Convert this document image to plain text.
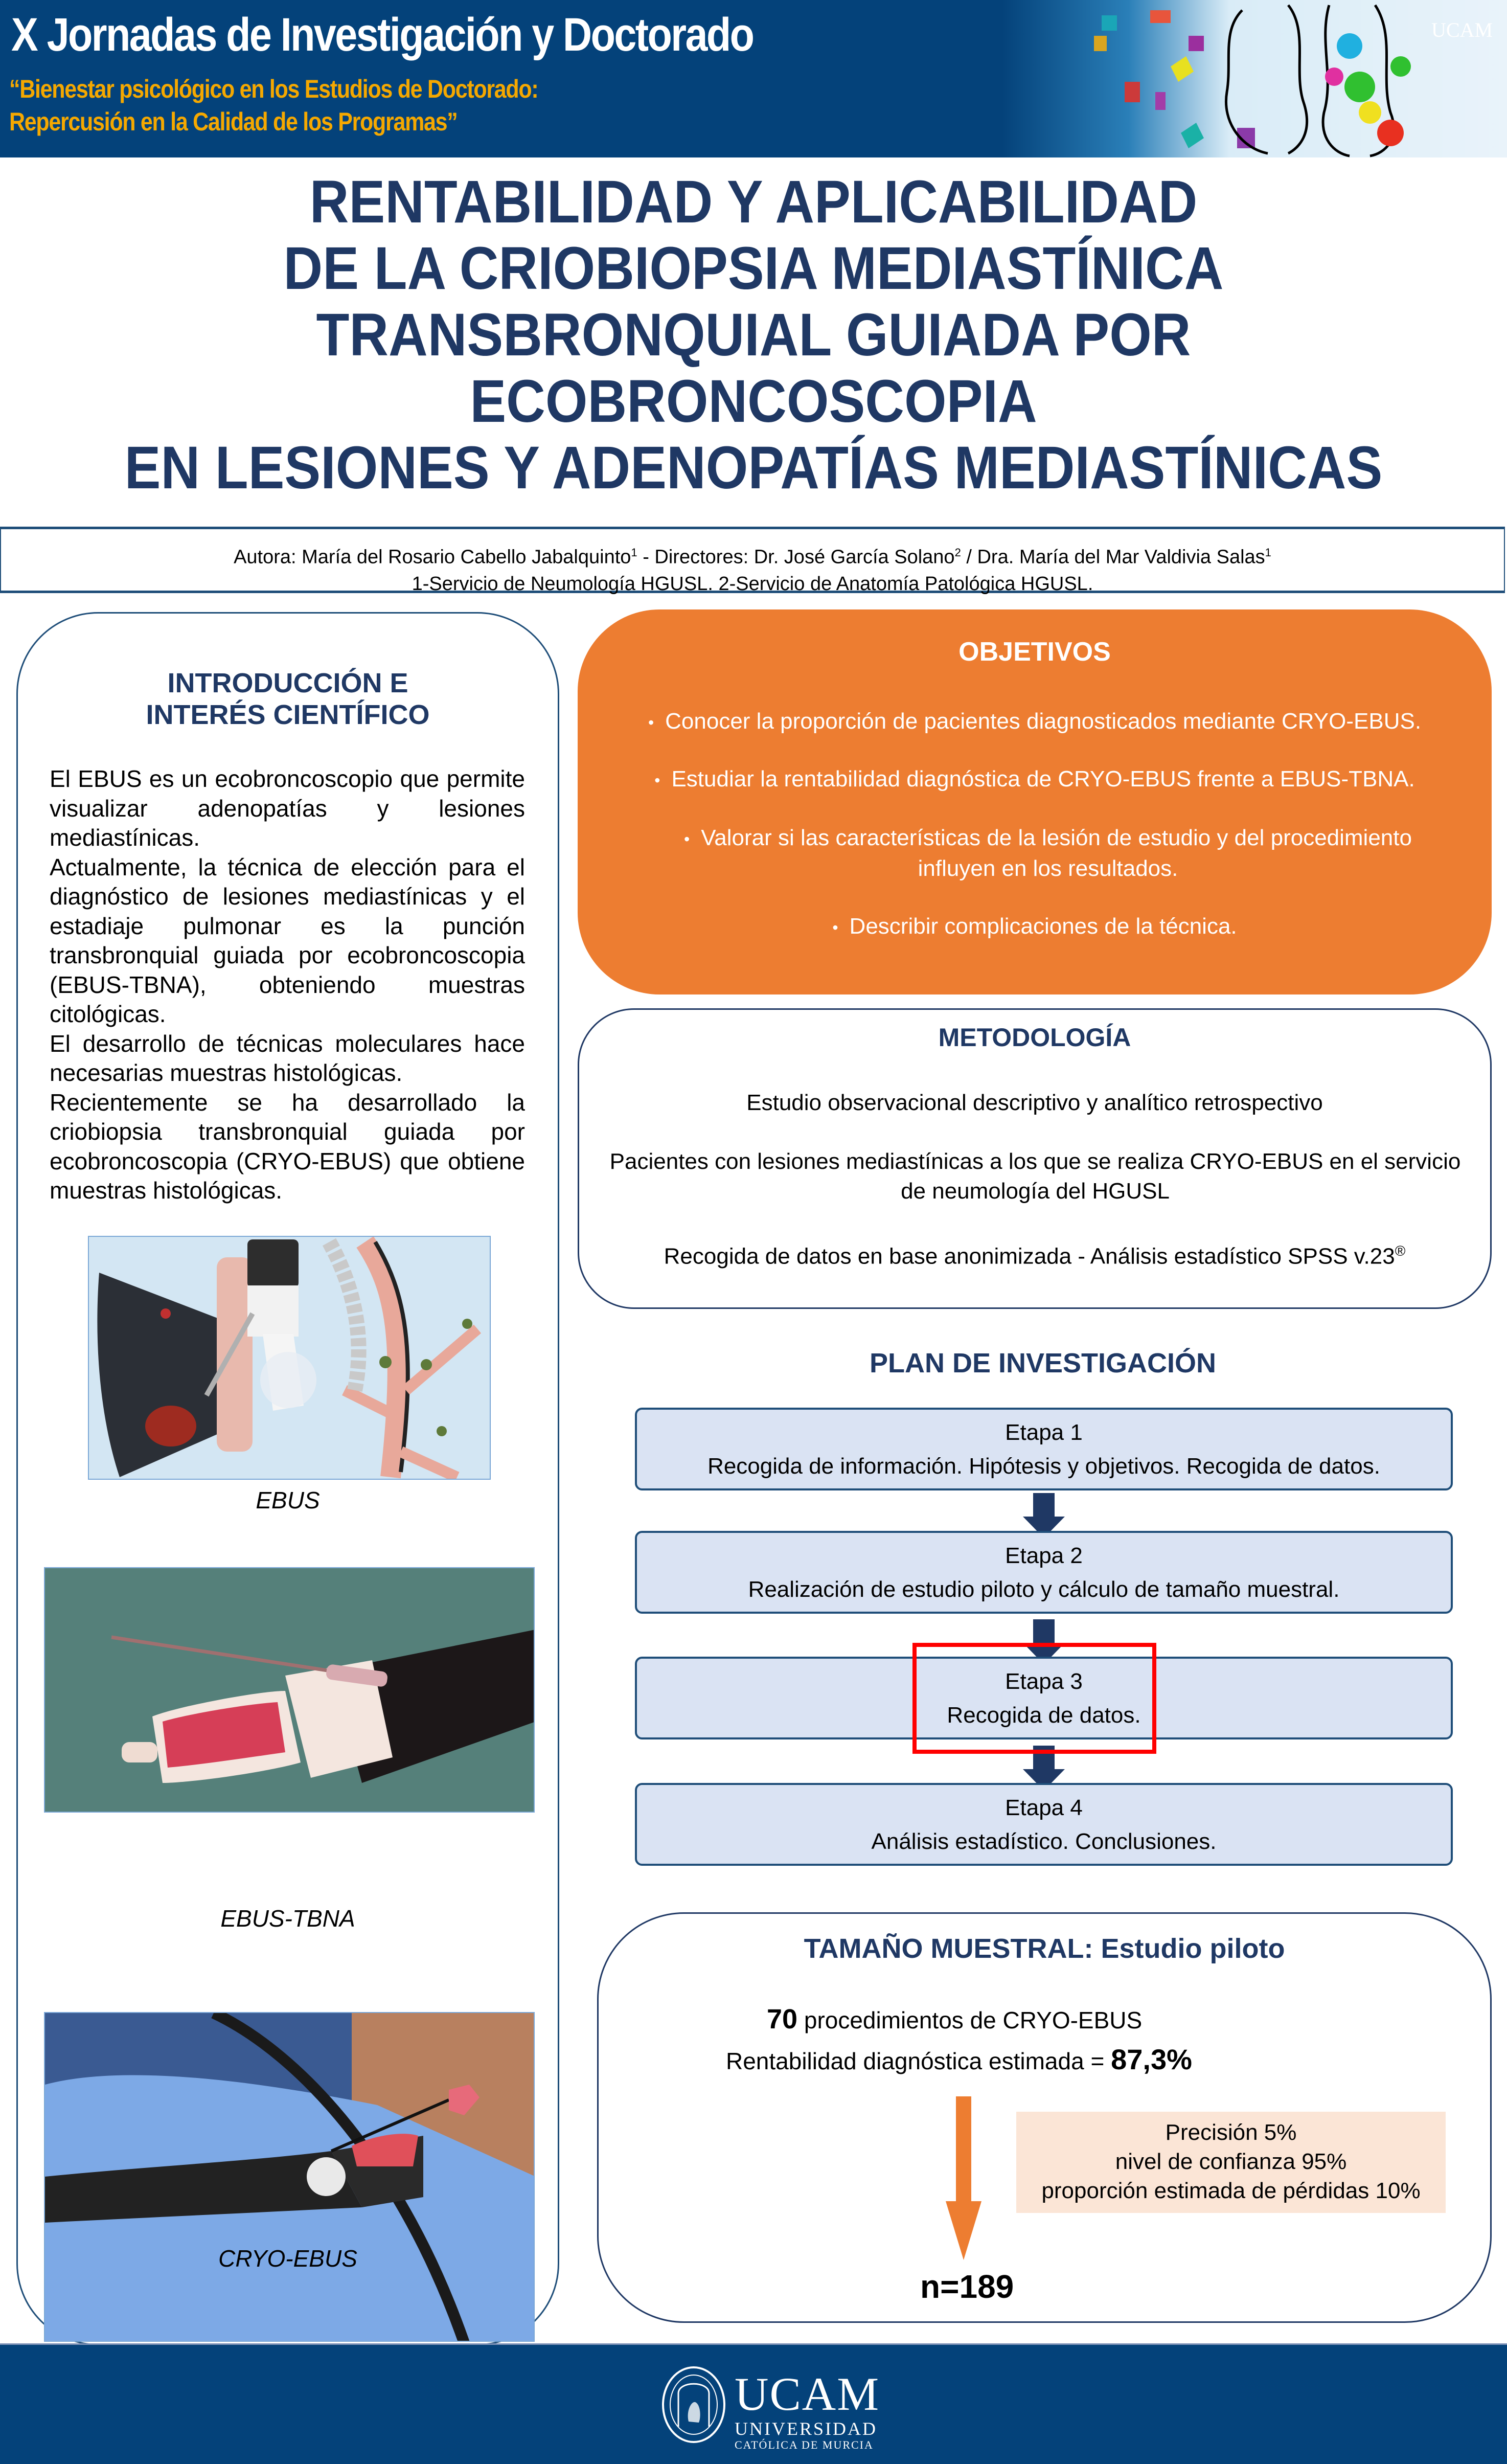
X Jornadas de Investigación y Doctorado
“Bienestar psicológico en los Estudios de Doctorado:
Repercusión en la Calidad de los Programas”
UCAM
RENTABILIDAD Y APLICABILIDAD
DE LA CRIOBIOPSIA MEDIASTÍNICA
TRANSBRONQUIAL GUIADA POR
ECOBRONCOSCOPIA
EN LESIONES Y ADENOPATÍAS MEDIASTÍNICAS
Autora: María del Rosario Cabello Jabalquinto$^1$ - Directores: Dr. José García Solano$^2$ / Dra. María del Mar Valdivia Salas$^1$
1-Servicio de Neumología HGUSL. 2-Servicio de Anatomía Patológica HGUSL.
INTRODUCCIÓN E
INTERÉS CIENTÍFICO

El EBUS es un ecobroncoscopio que permite visualizar adenopatías y lesiones mediastínicas.

Actualmente, la técnica de elección para el diagnóstico de lesiones mediastínicas y el estadiaje pulmonar es la punción transbronquial guiada por ecobroncoscopia (EBUS-TBNA), obteniendo muestras citológicas.

El desarrollo de técnicas moleculares hace necesarias muestras histológicas.

Recientemente se ha desarrollado la criobiopsia transbronquial guiada por ecobroncoscopia (CRYO-EBUS) que obtiene muestras histológicas.

EBUS
EBUS-TBNA
CRYO-EBUS
OBJETIVOS
• Conocer la proporción de pacientes diagnosticados mediante CRYO-EBUS.
• Estudiar la rentabilidad diagnóstica de CRYO-EBUS frente a EBUS-TBNA.
• Valorar si las características de la lesión de estudio y del procedimiento influyen en los resultados.
• Describir complicaciones de la técnica.
METODOLOGÍA
Estudio observacional descriptivo y analítico retrospectivo
Pacientes con lesiones mediastínicas a los que se realiza CRYO-EBUS en el servicio de neumología del HGUSL
Recogida de datos en base anonimizada - Análisis estadístico SPSS v.23®
PLAN DE INVESTIGACIÓN
Etapa 1
Recogida de información. Hipótesis y objetivos. Recogida de datos.
Etapa 2
Realización de estudio piloto y cálculo de tamaño muestral.
Etapa 3
Recogida de datos.
Etapa 4
Análisis estadístico. Conclusiones.
TAMAÑO MUESTRAL: Estudio piloto
70 procedimientos de CRYO-EBUS
Rentabilidad diagnóstica estimada = 87,3%
Precisión 5%
nivel de confianza 95%
proporción estimada de pérdidas 10%
n=189
UCAM
UNIVERSIDAD
CATÓLICA DE MURCIA
